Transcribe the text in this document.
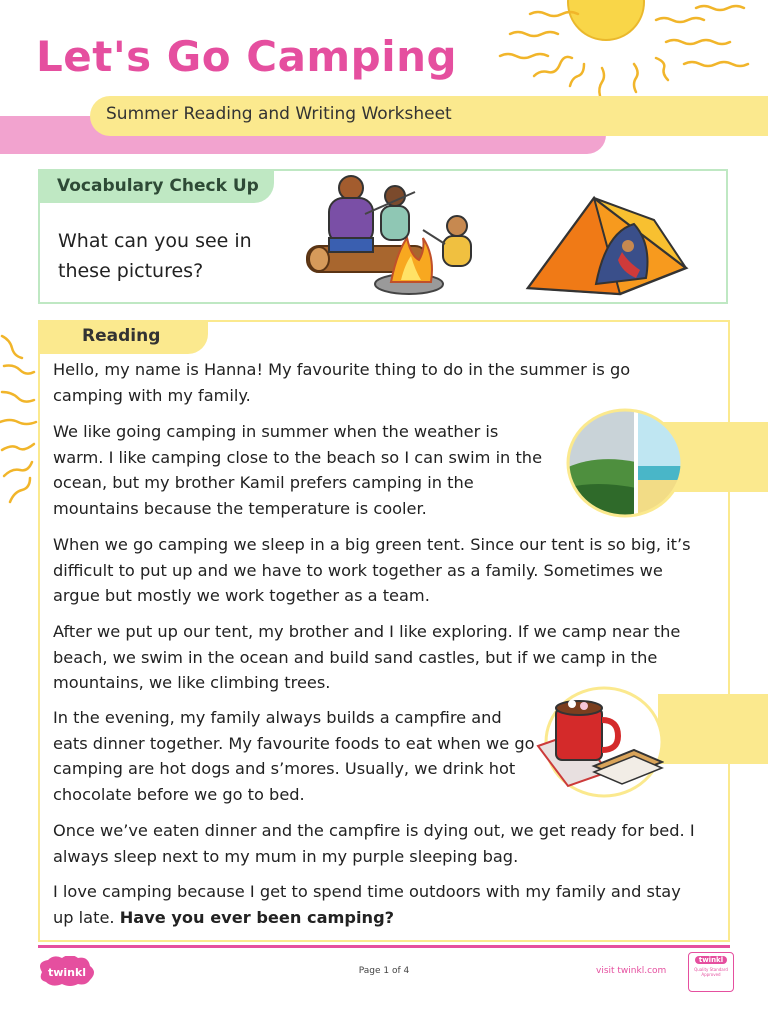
Let's Go Camping
Summer Reading and Writing Worksheet
Vocabulary Check Up
What can you see in these pictures?
Reading

Hello, my name is Hanna! My favourite thing to do in the summer is go camping with my family.

We like going camping in summer when the weather is warm. I like camping close to the beach so I can swim in the ocean, but my brother Kamil prefers camping in the mountains because the temperature is cooler.

When we go camping we sleep in a big green tent. Since our tent is so big, it’s difficult to put up and we have to work together as a family. Sometimes we argue but mostly we work together as a team.

After we put up our tent, my brother and I like exploring. If we camp near the beach, we swim in the ocean and build sand castles, but if we camp in the mountains, we like climbing trees.

In the evening, my family always builds a campfire and eats dinner together. My favourite foods to eat when we go camping are hot dogs and s’mores. Usually, we drink hot chocolate before we go to bed.

Once we’ve eaten dinner and the campfire is dying out, we get ready for bed. I always sleep next to my mum in my purple sleeping bag.

I love camping because I get to spend time outdoors with my family and stay up late. Have you ever been camping?

twinkl	Page 1 of 4	visit twinkl.com
twinkl
Quality Standard Approved
